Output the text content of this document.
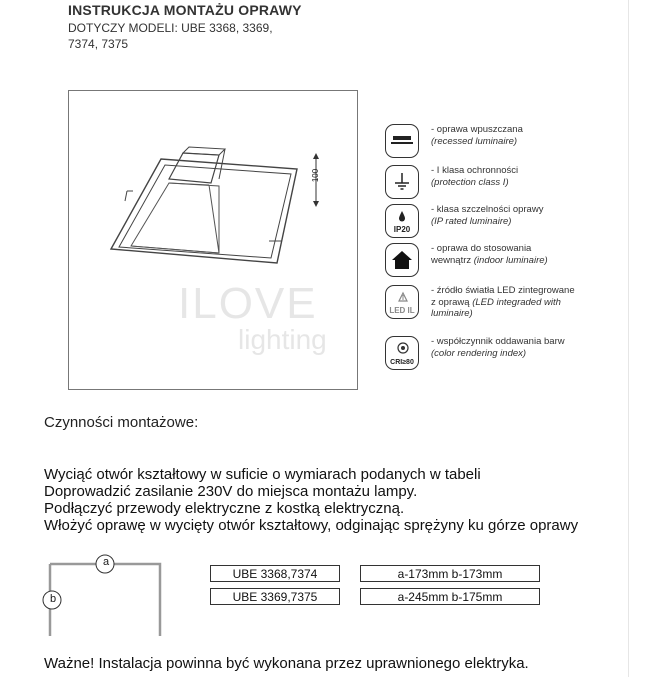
INSTRUKCJA MONTAŻU OPRAWY
DOTYCZY MODELI: UBE 3368, 3369,
7374, 7375
100
- oprawa wpuszczana
(recessed luminaire)
- I klasa ochronności
(protection class I)
IP20
- klasa szczelności oprawy
(IP rated luminaire)
- oprawa do stosowania
wewnątrz (indoor luminaire)
LED IL
- źródło światła LED zintegrowane
z oprawą (LED integraded with
luminaire)
CRI≥80
- współczynnik oddawania barw
(color rendering index)
ILOVE
lighting
Czynności montażowe:
Wyciąć otwór kształtowy w suficie o wymiarach podanych w tabeli
Doprowadzić zasilanie 230V do miejsca montażu lampy.
Podłączyć przewody elektryczne z kostką elektryczną.
Włożyć oprawę w wycięty otwór kształtowy, odginając sprężyny ku górze oprawy
a
b
UBE 3368,7374	a-173mm b-173mm
UBE 3369,7375	a-245mm b-175mm
Ważne! Instalacja powinna być wykonana przez uprawnionego elektryka.
